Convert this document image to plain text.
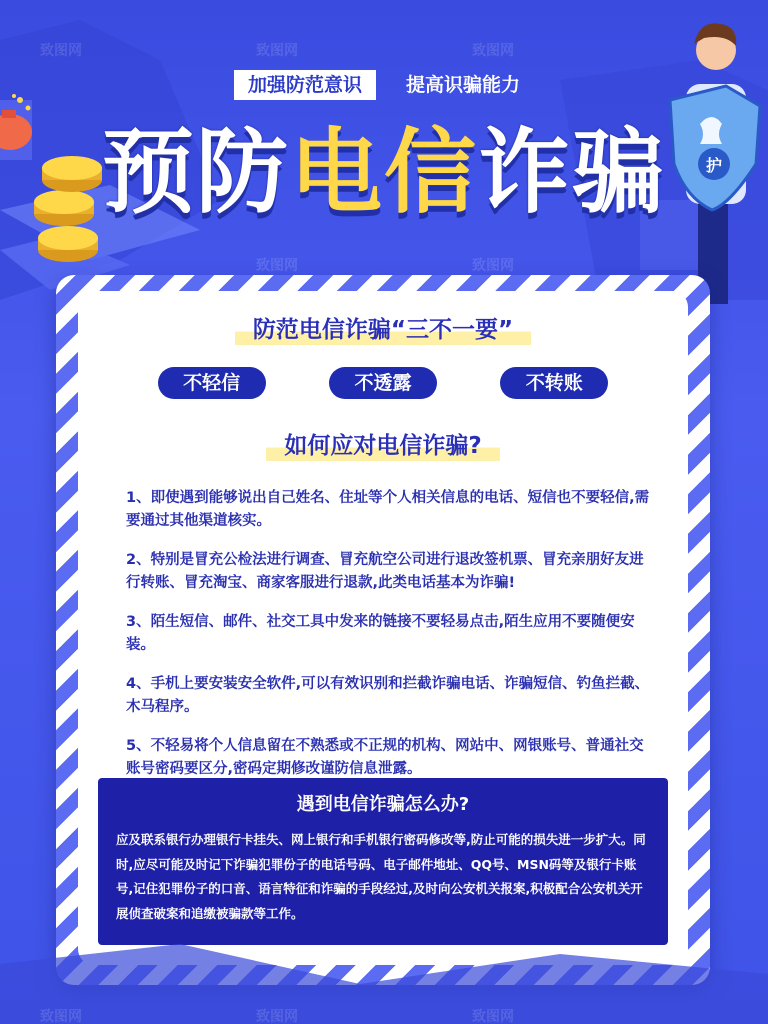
护
加强防范意识	提高识骗能力
预防电信诈骗
防范电信诈骗“三不一要”
不轻信	不透露	不转账
如何应对电信诈骗?

1、即使遇到能够说出自己姓名、住址等个人相关信息的电话、短信也不要轻信,需要通过其他渠道核实。

2、特别是冒充公检法进行调查、冒充航空公司进行退改签机票、冒充亲朋好友进行转账、冒充淘宝、商家客服进行退款,此类电话基本为诈骗!

3、陌生短信、邮件、社交工具中发来的链接不要轻易点击,陌生应用不要随便安装。

4、手机上要安装安全软件,可以有效识别和拦截诈骗电话、诈骗短信、钓鱼拦截、木马程序。

5、不轻易将个人信息留在不熟悉或不正规的机构、网站中、网银账号、普通社交账号密码要区分,密码定期修改谨防信息泄露。

遇到电信诈骗怎么办?

应及联系银行办理银行卡挂失、网上银行和手机银行密码修改等,防止可能的损失进一步扩大。同时,应尽可能及时记下诈骗犯罪份子的电话号码、电子邮件地址、QQ号、MSN码等及银行卡账号,记住犯罪份子的口音、语言特征和诈骗的手段经过,及时向公安机关报案,积极配合公安机关开展侦查破案和追缴被骗款等工作。

致图网	致图网	致图网
致图网	致图网
致图网	致图网	致图网
